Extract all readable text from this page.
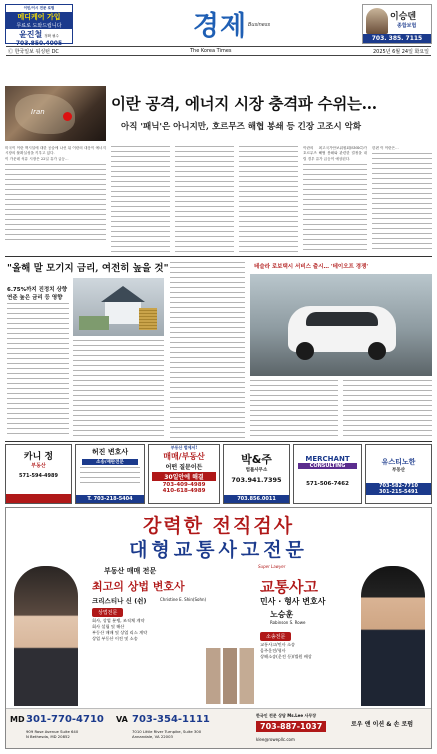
이민/이시 전문 로펌
메디케어 가입
무료로 도와드립니다
윤진철 정확 필수
703.850.4005
경제 Business
이승덴
종합보험
703. 385. 7115
Ⓒ 한국일보 워싱턴 DC	The Korea Times	2025년 6월 24일 화요일
Iran	이란 공격, 에너지 시장 충격파 수위는…
아직 '패닉'은 아니지만, 호르무즈 해협 봉쇄 등 긴장 고조시 악화
미국이 이란 핵시설에 대한 공습에 나선 뒤 이란의 대응이 에너지 시장의 불확실성을 키우고 있다.
이 가운데 석유 시장은 22일 유가 급등…
이란의 최고국가안보위원회(SNSC)가 호르무즈 해협 봉쇄와 관련한 결정을 내릴 경우 유가 급등이 예상된다.
한편 이 이란은…
"올해 말 모기지 금리, 여전히 높을 것"
6.75%까지 진정치 상향
연준 높은 금리 등 영향
테슬라 로보택시 서비스 출시… '테이오프 경쟁'
카니 정
부동산
571-594-4989
허진 변호사
소송/재판전문
T. 703-218-5404
부동산 법에서!
매매/부동산
어떤 질문이든
30일안에 해결
703-409-4989
410-618-4989
박&주
법률사무소
703.941.7395
703.856.0011
MERCHANT
CONSULTING
571-506-7462
유스티노한
부동산
703-582-7710
301-215-5491
강력한 전직검사
대형교통사고전문
부동산 매매 전문
최고의 상법 변호사
크리스티나 신 (쉰)	Christine E. Shin(Sohn)
상법전문
회사, 상업 분쟁, 조직체 계약
회사 설립 및 해산
부동산 매매 및 상업 리스 계약
상업 부동산 이전 및 소송
Super Lawyer
교통사고
민사 · 형사 변호사
노승훈
Robinson S. Rowe
소송전문
교통사고/민사 소송
음주운전/형사
상해소송(운전 등)/법원 배상
MD 301-770-4710
909 Rose Avenue Suite 640
N Bethesda, MD 20852
VA 703-354-1111
7010 Little River Turnpike, Suite 300
Annandale, VA 22003
한국인 전문 상담 Ms.Lee 사무장
703-887-1037
klee@rowepllc.com
로우 앤 이션 & 손 로펌
